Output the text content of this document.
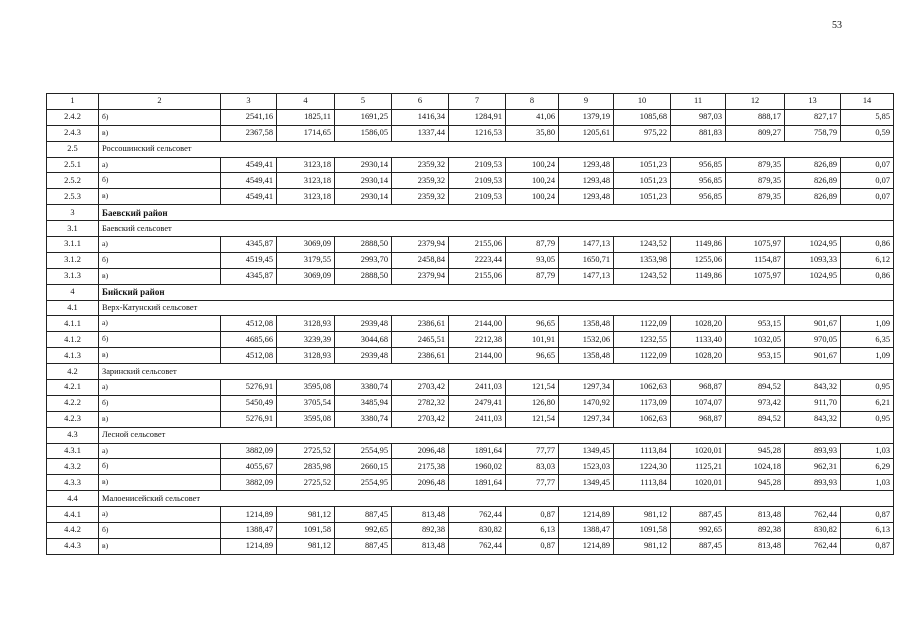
53
1	2	3	4	5	6	7	8	9	10	11	12	13	14
2.4.2	б)	2541,16	1825,11	1691,25	1416,34	1284,91	41,06	1379,19	1085,68	987,03	888,17	827,17	5,85
2.4.3	в)	2367,58	1714,65	1586,05	1337,44	1216,53	35,80	1205,61	975,22	881,83	809,27	758,79	0,59
2.5	Россошинский сельсовет												
2.5.1	а)	4549,41	3123,18	2930,14	2359,32	2109,53	100,24	1293,48	1051,23	956,85	879,35	826,89	0,07
2.5.2	б)	4549,41	3123,18	2930,14	2359,32	2109,53	100,24	1293,48	1051,23	956,85	879,35	826,89	0,07
2.5.3	в)	4549,41	3123,18	2930,14	2359,32	2109,53	100,24	1293,48	1051,23	956,85	879,35	826,89	0,07
3	Баевский район												
3.1	Баевский сельсовет												
3.1.1	а)	4345,87	3069,09	2888,50	2379,94	2155,06	87,79	1477,13	1243,52	1149,86	1075,97	1024,95	0,86
3.1.2	б)	4519,45	3179,55	2993,70	2458,84	2223,44	93,05	1650,71	1353,98	1255,06	1154,87	1093,33	6,12
3.1.3	в)	4345,87	3069,09	2888,50	2379,94	2155,06	87,79	1477,13	1243,52	1149,86	1075,97	1024,95	0,86
4	Бийский район												
4.1	Верх-Катунский сельсовет												
4.1.1	а)	4512,08	3128,93	2939,48	2386,61	2144,00	96,65	1358,48	1122,09	1028,20	953,15	901,67	1,09
4.1.2	б)	4685,66	3239,39	3044,68	2465,51	2212,38	101,91	1532,06	1232,55	1133,40	1032,05	970,05	6,35
4.1.3	в)	4512,08	3128,93	2939,48	2386,61	2144,00	96,65	1358,48	1122,09	1028,20	953,15	901,67	1,09
4.2	Заринский сельсовет												
4.2.1	а)	5276,91	3595,08	3380,74	2703,42	2411,03	121,54	1297,34	1062,63	968,87	894,52	843,32	0,95
4.2.2	б)	5450,49	3705,54	3485,94	2782,32	2479,41	126,80	1470,92	1173,09	1074,07	973,42	911,70	6,21
4.2.3	в)	5276,91	3595,08	3380,74	2703,42	2411,03	121,54	1297,34	1062,63	968,87	894,52	843,32	0,95
4.3	Лесной сельсовет												
4.3.1	а)	3882,09	2725,52	2554,95	2096,48	1891,64	77,77	1349,45	1113,84	1020,01	945,28	893,93	1,03
4.3.2	б)	4055,67	2835,98	2660,15	2175,38	1960,02	83,03	1523,03	1224,30	1125,21	1024,18	962,31	6,29
4.3.3	в)	3882,09	2725,52	2554,95	2096,48	1891,64	77,77	1349,45	1113,84	1020,01	945,28	893,93	1,03
4.4	Малоенисейский сельсовет												
4.4.1	а)	1214,89	981,12	887,45	813,48	762,44	0,87	1214,89	981,12	887,45	813,48	762,44	0,87
4.4.2	б)	1388,47	1091,58	992,65	892,38	830,82	6,13	1388,47	1091,58	992,65	892,38	830,82	6,13
4.4.3	в)	1214,89	981,12	887,45	813,48	762,44	0,87	1214,89	981,12	887,45	813,48	762,44	0,87
